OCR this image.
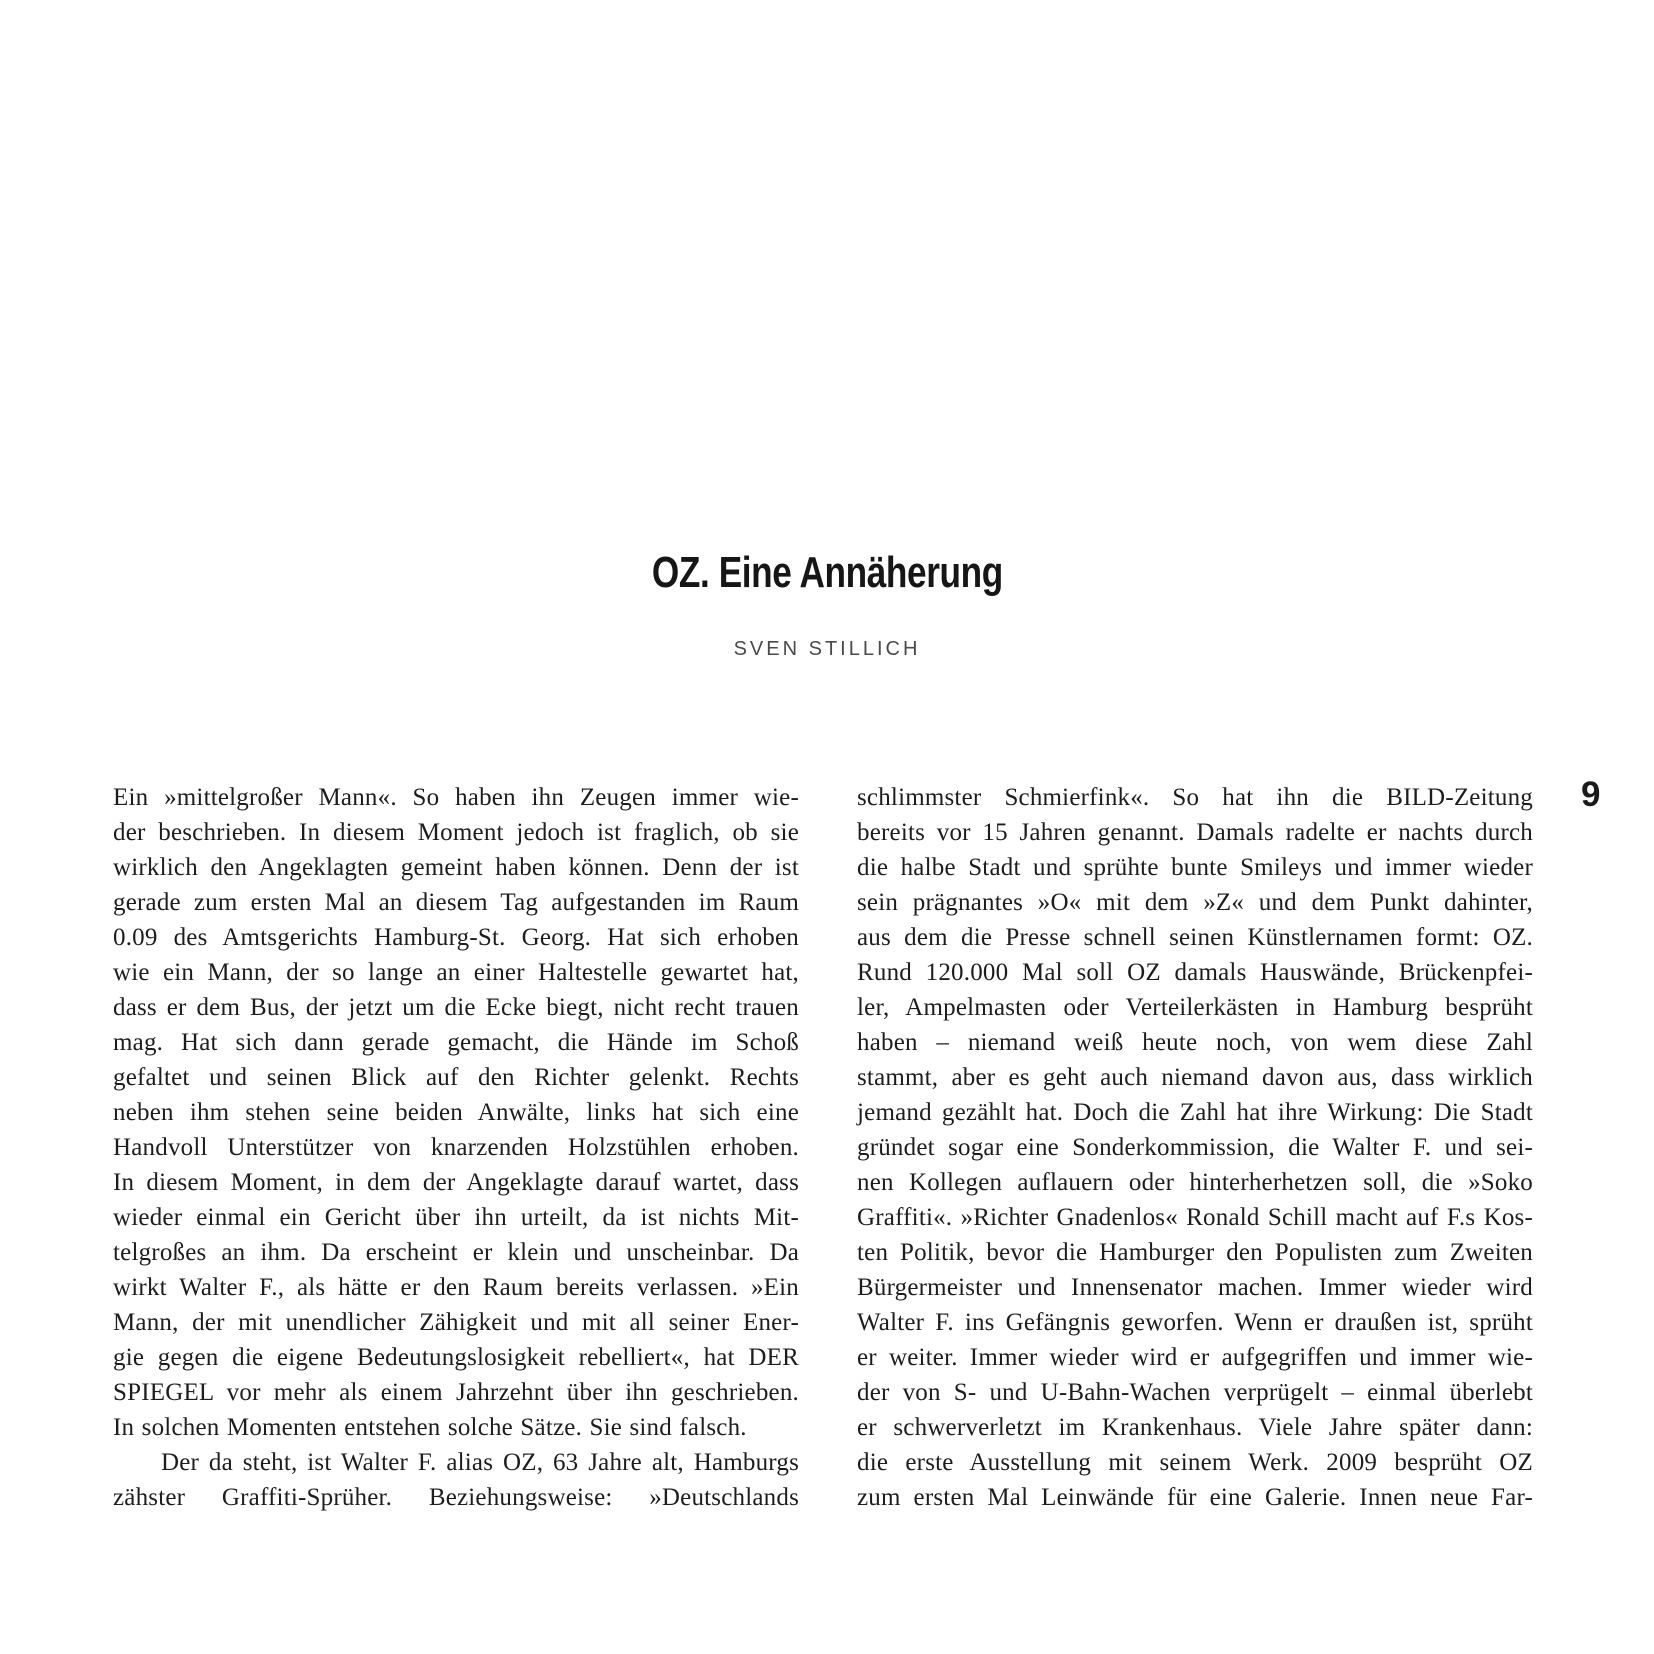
OZ. Eine Annäherung
SVEN STILLICH
9
Ein »mittelgroßer Mann«. So haben ihn Zeugen immer wie-
der beschrieben. In diesem Moment jedoch ist fraglich, ob sie
wirklich den Angeklagten gemeint haben können. Denn der ist
gerade zum ersten Mal an diesem Tag aufgestanden im Raum
0.09 des Amtsgerichts Hamburg-St. Georg. Hat sich erhoben
wie ein Mann, der so lange an einer Haltestelle gewartet hat,
dass er dem Bus, der jetzt um die Ecke biegt, nicht recht trauen
mag. Hat sich dann gerade gemacht, die Hände im Schoß
gefaltet und seinen Blick auf den Richter gelenkt. Rechts
neben ihm stehen seine beiden Anwälte, links hat sich eine
Handvoll Unterstützer von knarzenden Holzstühlen erhoben.
In diesem Moment, in dem der Angeklagte darauf wartet, dass
wieder einmal ein Gericht über ihn urteilt, da ist nichts Mit-
telgroßes an ihm. Da erscheint er klein und unscheinbar. Da
wirkt Walter F., als hätte er den Raum bereits verlassen. »Ein
Mann, der mit unendlicher Zähigkeit und mit all seiner Ener-
gie gegen die eigene Bedeutungslosigkeit rebelliert«, hat DER
SPIEGEL vor mehr als einem Jahrzehnt über ihn geschrieben.
In solchen Momenten entstehen solche Sätze. Sie sind falsch.
Der da steht, ist Walter F. alias OZ, 63 Jahre alt, Hamburgs
zähster Graffiti-Sprüher. Beziehungsweise: »Deutschlands
schlimmster Schmierfink«. So hat ihn die BILD-Zeitung
bereits vor 15 Jahren genannt. Damals radelte er nachts durch
die halbe Stadt und sprühte bunte Smileys und immer wieder
sein prägnantes »O« mit dem »Z« und dem Punkt dahinter,
aus dem die Presse schnell seinen Künstlernamen formt: OZ.
Rund 120.000 Mal soll OZ damals Hauswände, Brückenpfei-
ler, Ampelmasten oder Verteilerkästen in Hamburg besprüht
haben – niemand weiß heute noch, von wem diese Zahl
stammt, aber es geht auch niemand davon aus, dass wirklich
jemand gezählt hat. Doch die Zahl hat ihre Wirkung: Die Stadt
gründet sogar eine Sonderkommission, die Walter F. und sei-
nen Kollegen auflauern oder hinterherhetzen soll, die »Soko
Graffiti«. »Richter Gnadenlos« Ronald Schill macht auf F.s Kos-
ten Politik, bevor die Hamburger den Populisten zum Zweiten
Bürgermeister und Innensenator machen. Immer wieder wird
Walter F. ins Gefängnis geworfen. Wenn er draußen ist, sprüht
er weiter. Immer wieder wird er aufgegriffen und immer wie-
der von S- und U-Bahn-Wachen verprügelt – einmal überlebt
er schwerverletzt im Krankenhaus. Viele Jahre später dann:
die erste Ausstellung mit seinem Werk. 2009 besprüht OZ
zum ersten Mal Leinwände für eine Galerie. Innen neue Far-
